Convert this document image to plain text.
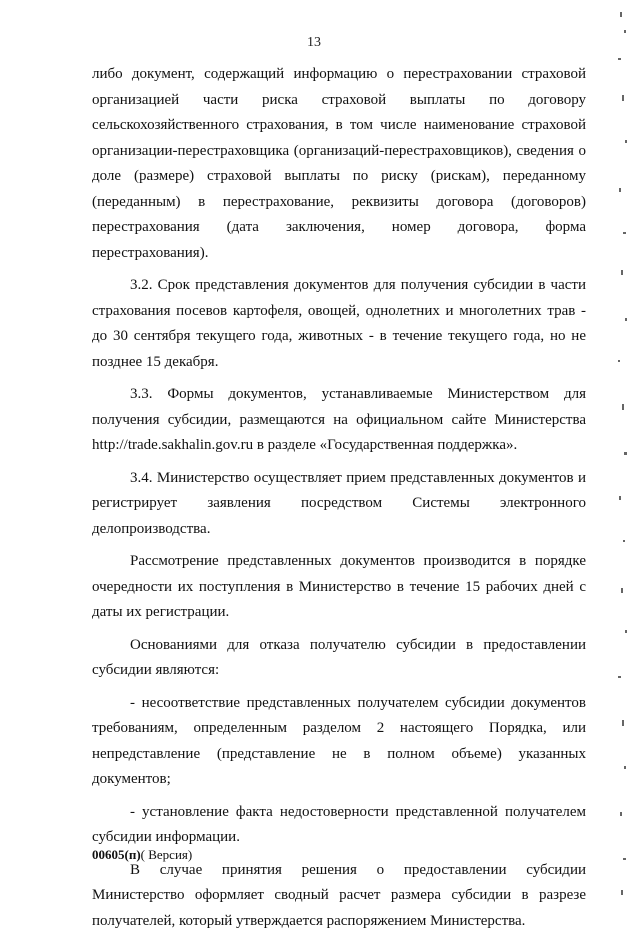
13

либо документ, содержащий информацию о перестраховании страховой организацией части риска страховой выплаты по договору сельскохозяйственного страхования, в том числе наименование страховой организации-перестраховщика (организаций-перестраховщиков), сведения о доле (размере) страховой выплаты по риску (рискам), переданному (переданным) в перестрахование, реквизиты договора (договоров) перестрахования (дата заключения, номер договора, форма перестрахования).

3.2. Срок представления документов для получения субсидии в части страхования посевов картофеля, овощей, однолетних и многолетних трав - до 30 сентября текущего года, животных - в течение текущего года, но не позднее 15 декабря.

3.3. Формы документов, устанавливаемые Министерством для получения субсидии, размещаются на официальном сайте Министерства http://trade.sakhalin.gov.ru в разделе «Государственная поддержка».

3.4. Министерство осуществляет прием представленных документов и регистрирует заявления посредством Системы электронного делопроизводства.

Рассмотрение представленных документов производится в порядке очередности их поступления в Министерство в течение 15 рабочих дней с даты их регистрации.

Основаниями для отказа получателю субсидии в предоставлении субсидии являются:

- несоответствие представленных получателем субсидии документов требованиям, определенным разделом 2 настоящего Порядка, или непредставление (представление не в полном объеме) указанных документов;

- установление факта недостоверности представленной получателем субсидии информации.

В случае принятия решения о предоставлении субсидии Министерство оформляет сводный расчет размера субсидии в разрезе получателей, который утверждается распоряжением Министерства.

00605(п)( Версия)
